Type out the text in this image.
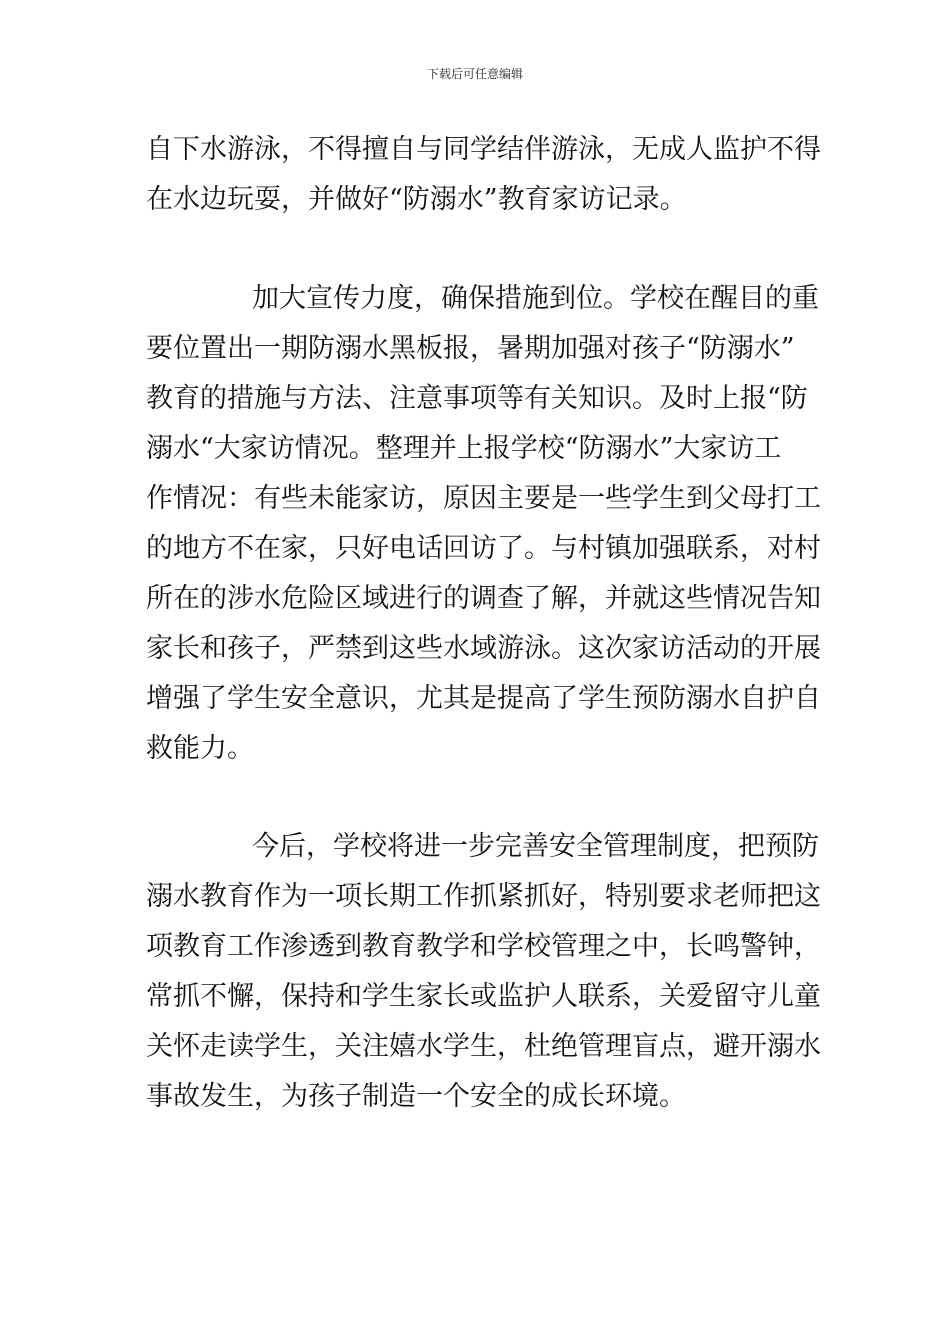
下载后可任意编辑
自下水游泳，不得擅自与同学结伴游泳，无成人监护不得
在水边玩耍，并做好“防溺水”教育家访记录。
加大宣传力度，确保措施到位。学校在醒目的重
要位置出一期防溺水黑板报，暑期加强对孩子“防溺水”
教育的措施与方法、注意事项等有关知识。及时上报“防
溺水“大家访情况。整理并上报学校“防溺水”大家访工
作情况：有些未能家访，原因主要是一些学生到父母打工
的地方不在家，只好电话回访了。与村镇加强联系，对村
所在的涉水危险区域进行的调查了解，并就这些情况告知
家长和孩子，严禁到这些水域游泳。这次家访活动的开展
增强了学生安全意识，尤其是提高了学生预防溺水自护自
救能力。
今后，学校将进一步完善安全管理制度，把预防
溺水教育作为一项长期工作抓紧抓好，特别要求老师把这
项教育工作渗透到教育教学和学校管理之中，长鸣警钟，
常抓不懈，保持和学生家长或监护人联系，关爱留守儿童
关怀走读学生，关注嬉水学生，杜绝管理盲点，避开溺水
事故发生，为孩子制造一个安全的成长环境。
